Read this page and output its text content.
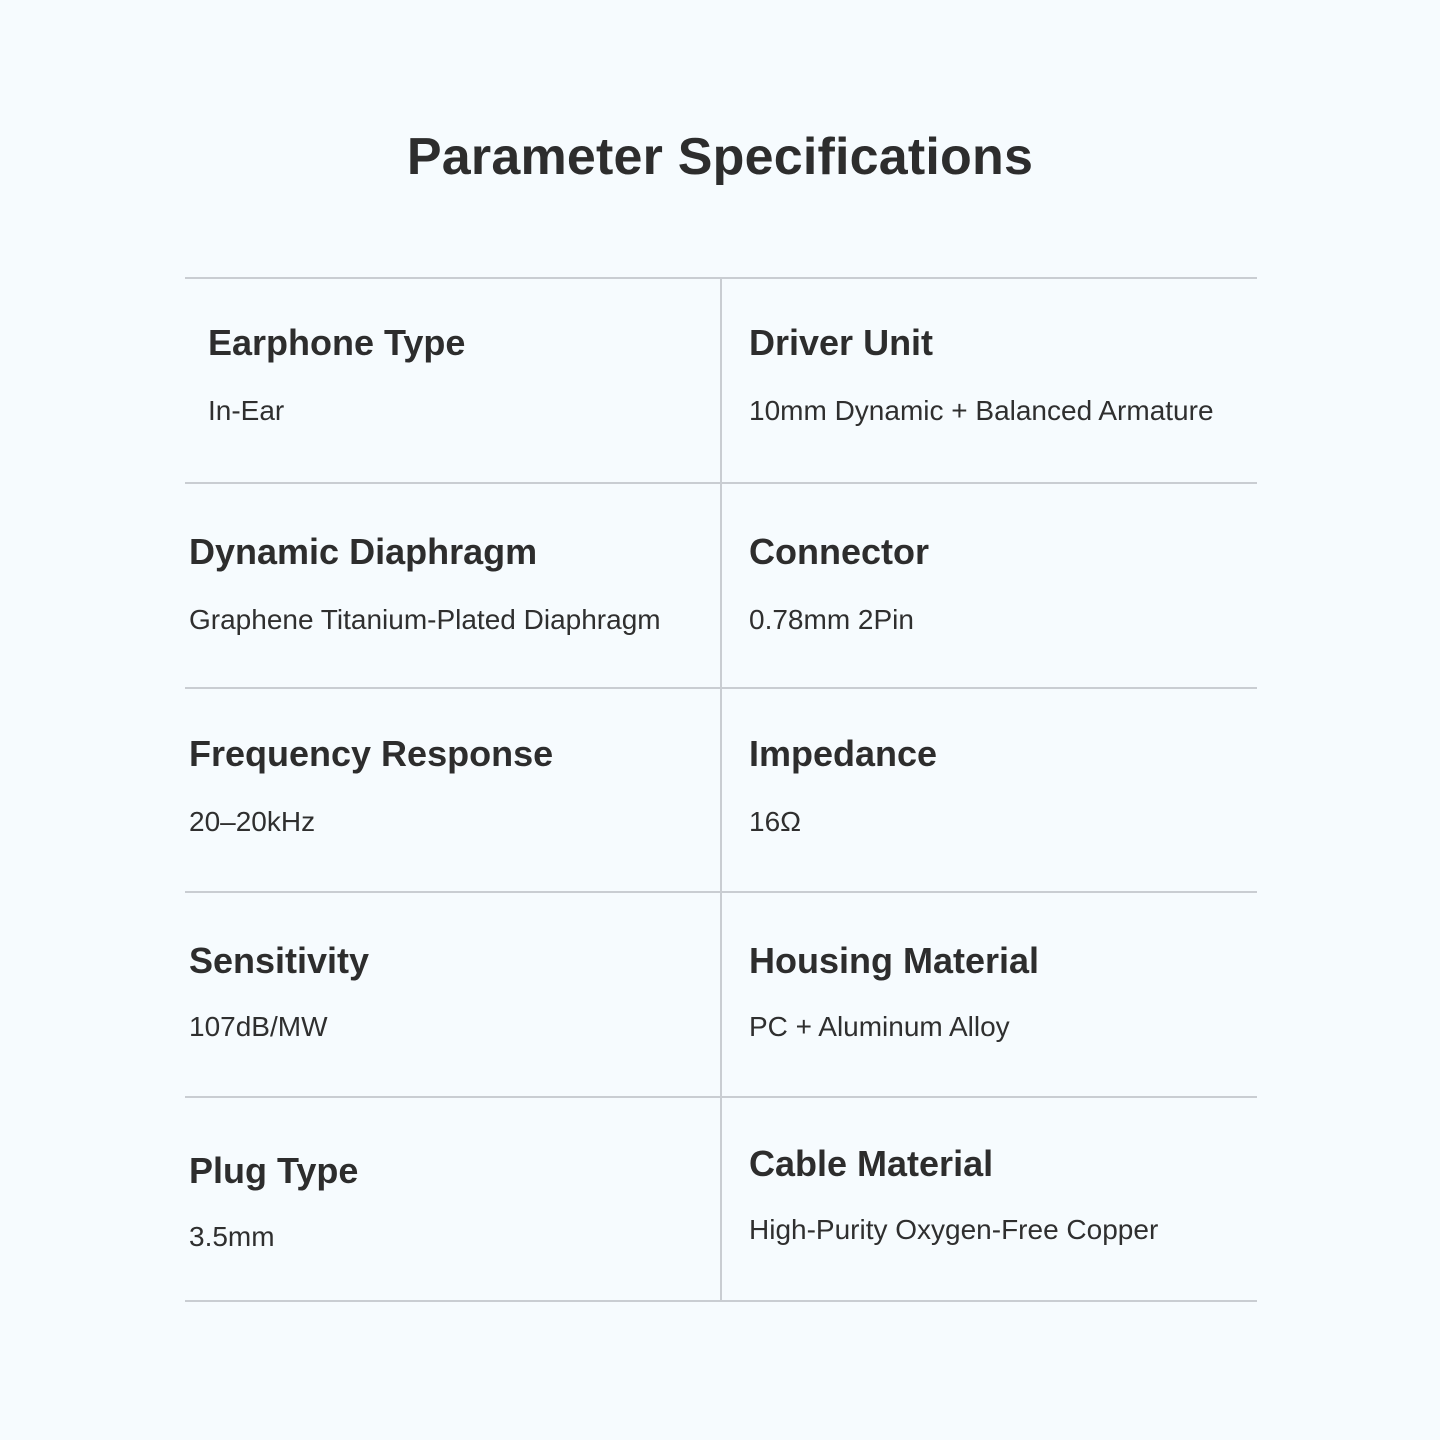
Parameter Specifications
Earphone Type
In-Ear
Driver Unit
10mm Dynamic + Balanced Armature
Dynamic Diaphragm
Graphene Titanium-Plated Diaphragm
Connector
0.78mm 2Pin
Frequency Response
20–20kHz
Impedance
16Ω
Sensitivity
107dB/MW
Housing Material
PC + Aluminum Alloy
Plug Type
3.5mm
Cable Material
High-Purity Oxygen-Free Copper
